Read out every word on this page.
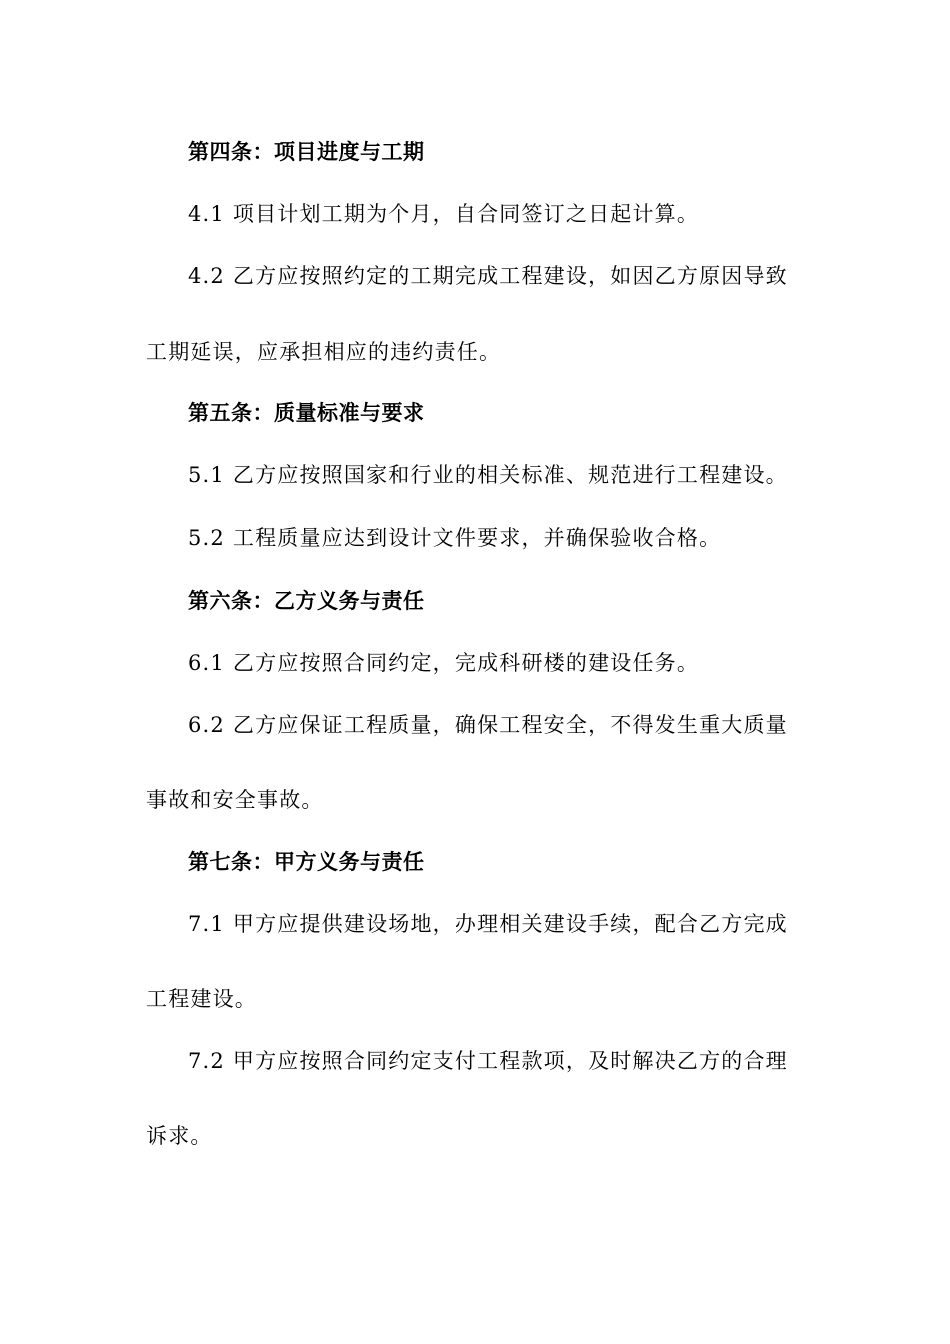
第四条：项目进度与工期
4.1 项目计划工期为个月，自合同签订之日起计算。
4.2 乙方应按照约定的工期完成工程建设，如因乙方原因导致
工期延误，应承担相应的违约责任。
第五条：质量标准与要求
5.1 乙方应按照国家和行业的相关标准、规范进行工程建设。
5.2 工程质量应达到设计文件要求，并确保验收合格。
第六条：乙方义务与责任
6.1 乙方应按照合同约定，完成科研楼的建设任务。
6.2 乙方应保证工程质量，确保工程安全，不得发生重大质量
事故和安全事故。
第七条：甲方义务与责任
7.1 甲方应提供建设场地，办理相关建设手续，配合乙方完成
工程建设。
7.2 甲方应按照合同约定支付工程款项，及时解决乙方的合理
诉求。
